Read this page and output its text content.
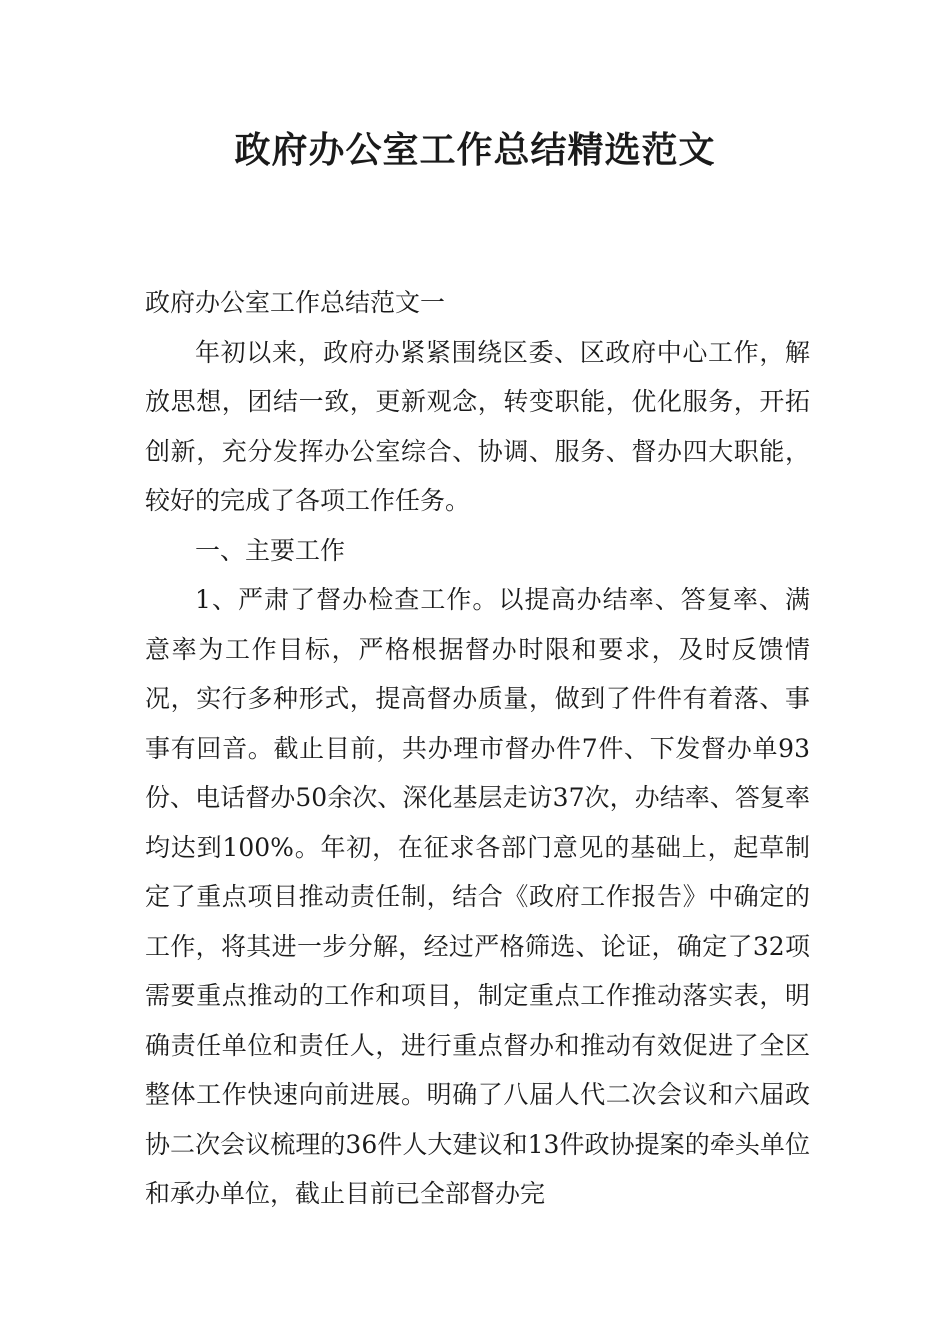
政府办公室工作总结精选范文

政府办公室工作总结范文一

年初以来，政府办紧紧围绕区委、区政府中心工作，解放思想，团结一致，更新观念，转变职能，优化服务，开拓创新，充分发挥办公室综合、协调、服务、督办四大职能，较好的完成了各项工作任务。

一、主要工作

1、严肃了督办检查工作。以提高办结率、答复率、满意率为工作目标，严格根据督办时限和要求，及时反馈情况，实行多种形式，提高督办质量，做到了件件有着落、事事有回音。截止目前，共办理市督办件7件、下发督办单93份、电话督办50余次、深化基层走访37次，办结率、答复率均达到100%。年初，在征求各部门意见的基础上，起草制定了重点项目推动责任制，结合《政府工作报告》中确定的工作，将其进一步分解，经过严格筛选、论证，确定了32项需要重点推动的工作和项目，制定重点工作推动落实表，明确责任单位和责任人，进行重点督办和推动有效促进了全区整体工作快速向前进展。明确了八届人代二次会议和六届政协二次会议梳理的36件人大建议和13件政协提案的牵头单位和承办单位，截止目前已全部督办完
